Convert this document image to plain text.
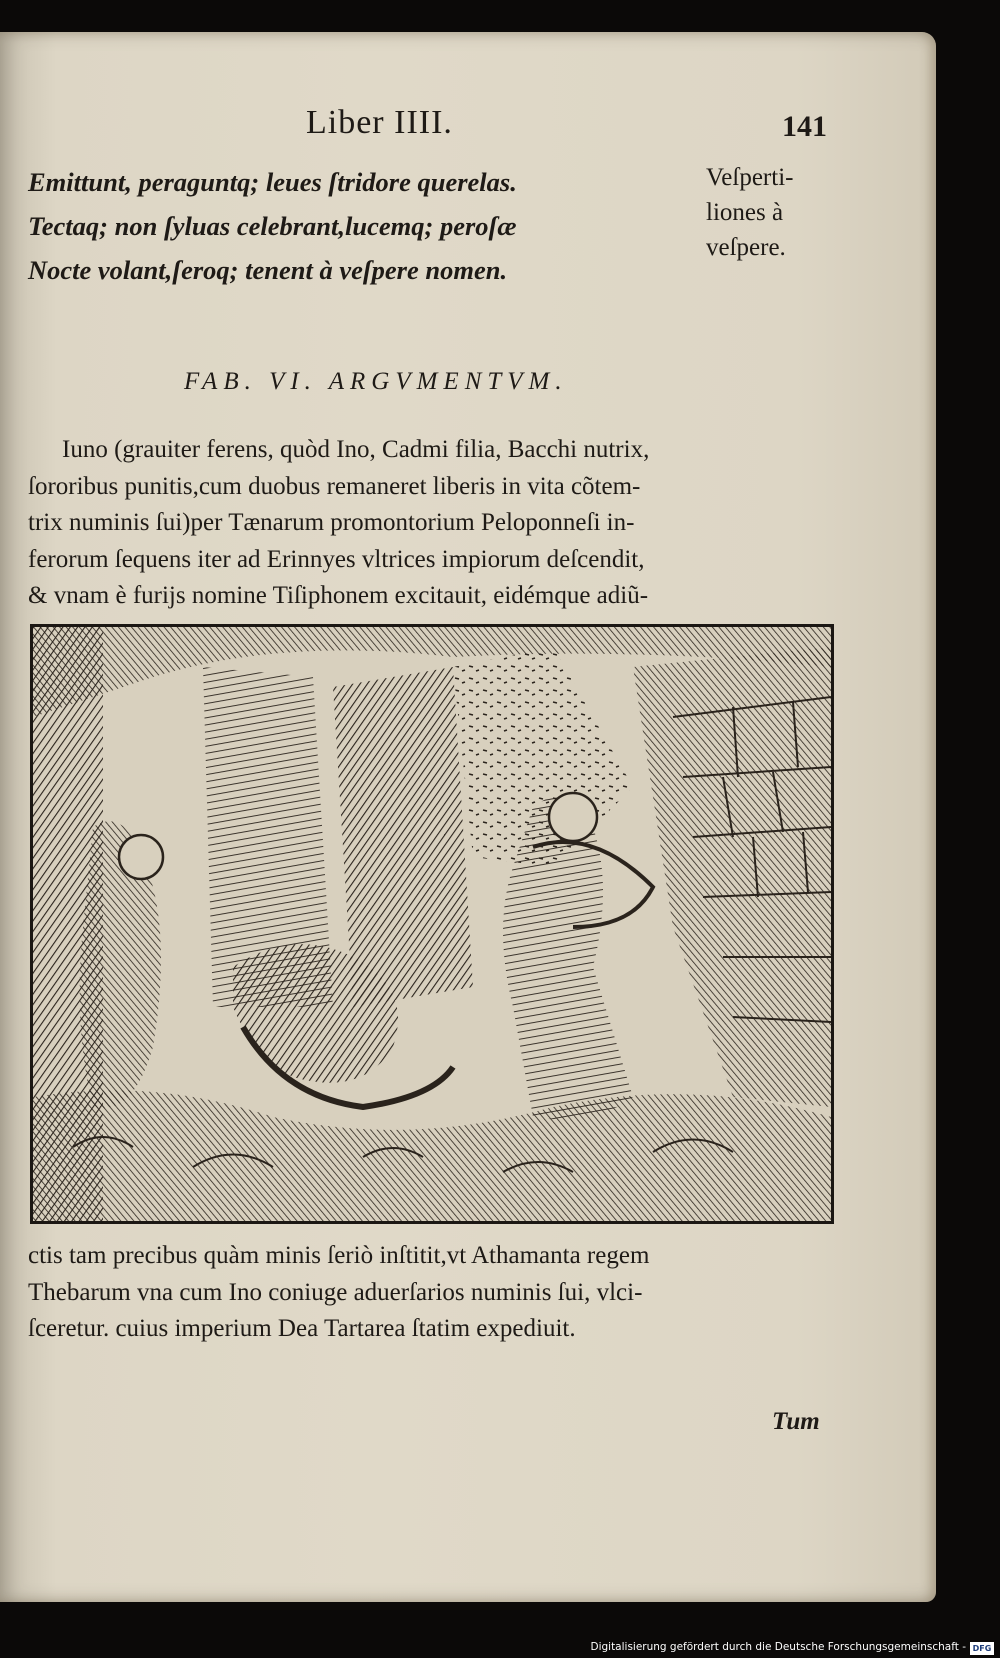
Liber IIII.	141
Emittunt, peraguntq; leues ſtridore querelas.
Tectaq; non ſyluas celebrant,lucemq; peroſæ
Nocte volant,ſeroq; tenent à veſpere nomen.
Veſperti-
liones à
veſpere.
FAB. VI. ARGVMENTVM.
Iuno (grauiter ferens, quòd Ino, Cadmi filia, Bacchi nutrix,
ſororibus punitis,cum duobus remaneret liberis in vita cõtem-
trix numinis ſui)per Tænarum promontorium Peloponneſi in-
ferorum ſequens iter ad Erinnyes vltrices impiorum deſcendit,
& vnam è furijs nomine Tiſiphonem excitauit, eidémque adiũ-
ctis tam precibus quàm minis ſeriò inſtitit,vt Athamanta regem
Thebarum vna cum Ino coniuge aduerſarios numinis ſui, vlci-
ſceretur. cuius imperium Dea Tartarea ſtatim expediuit.
Tum
Digitalisierung gefördert durch die Deutsche Forschungsgemeinschaft - DFG
